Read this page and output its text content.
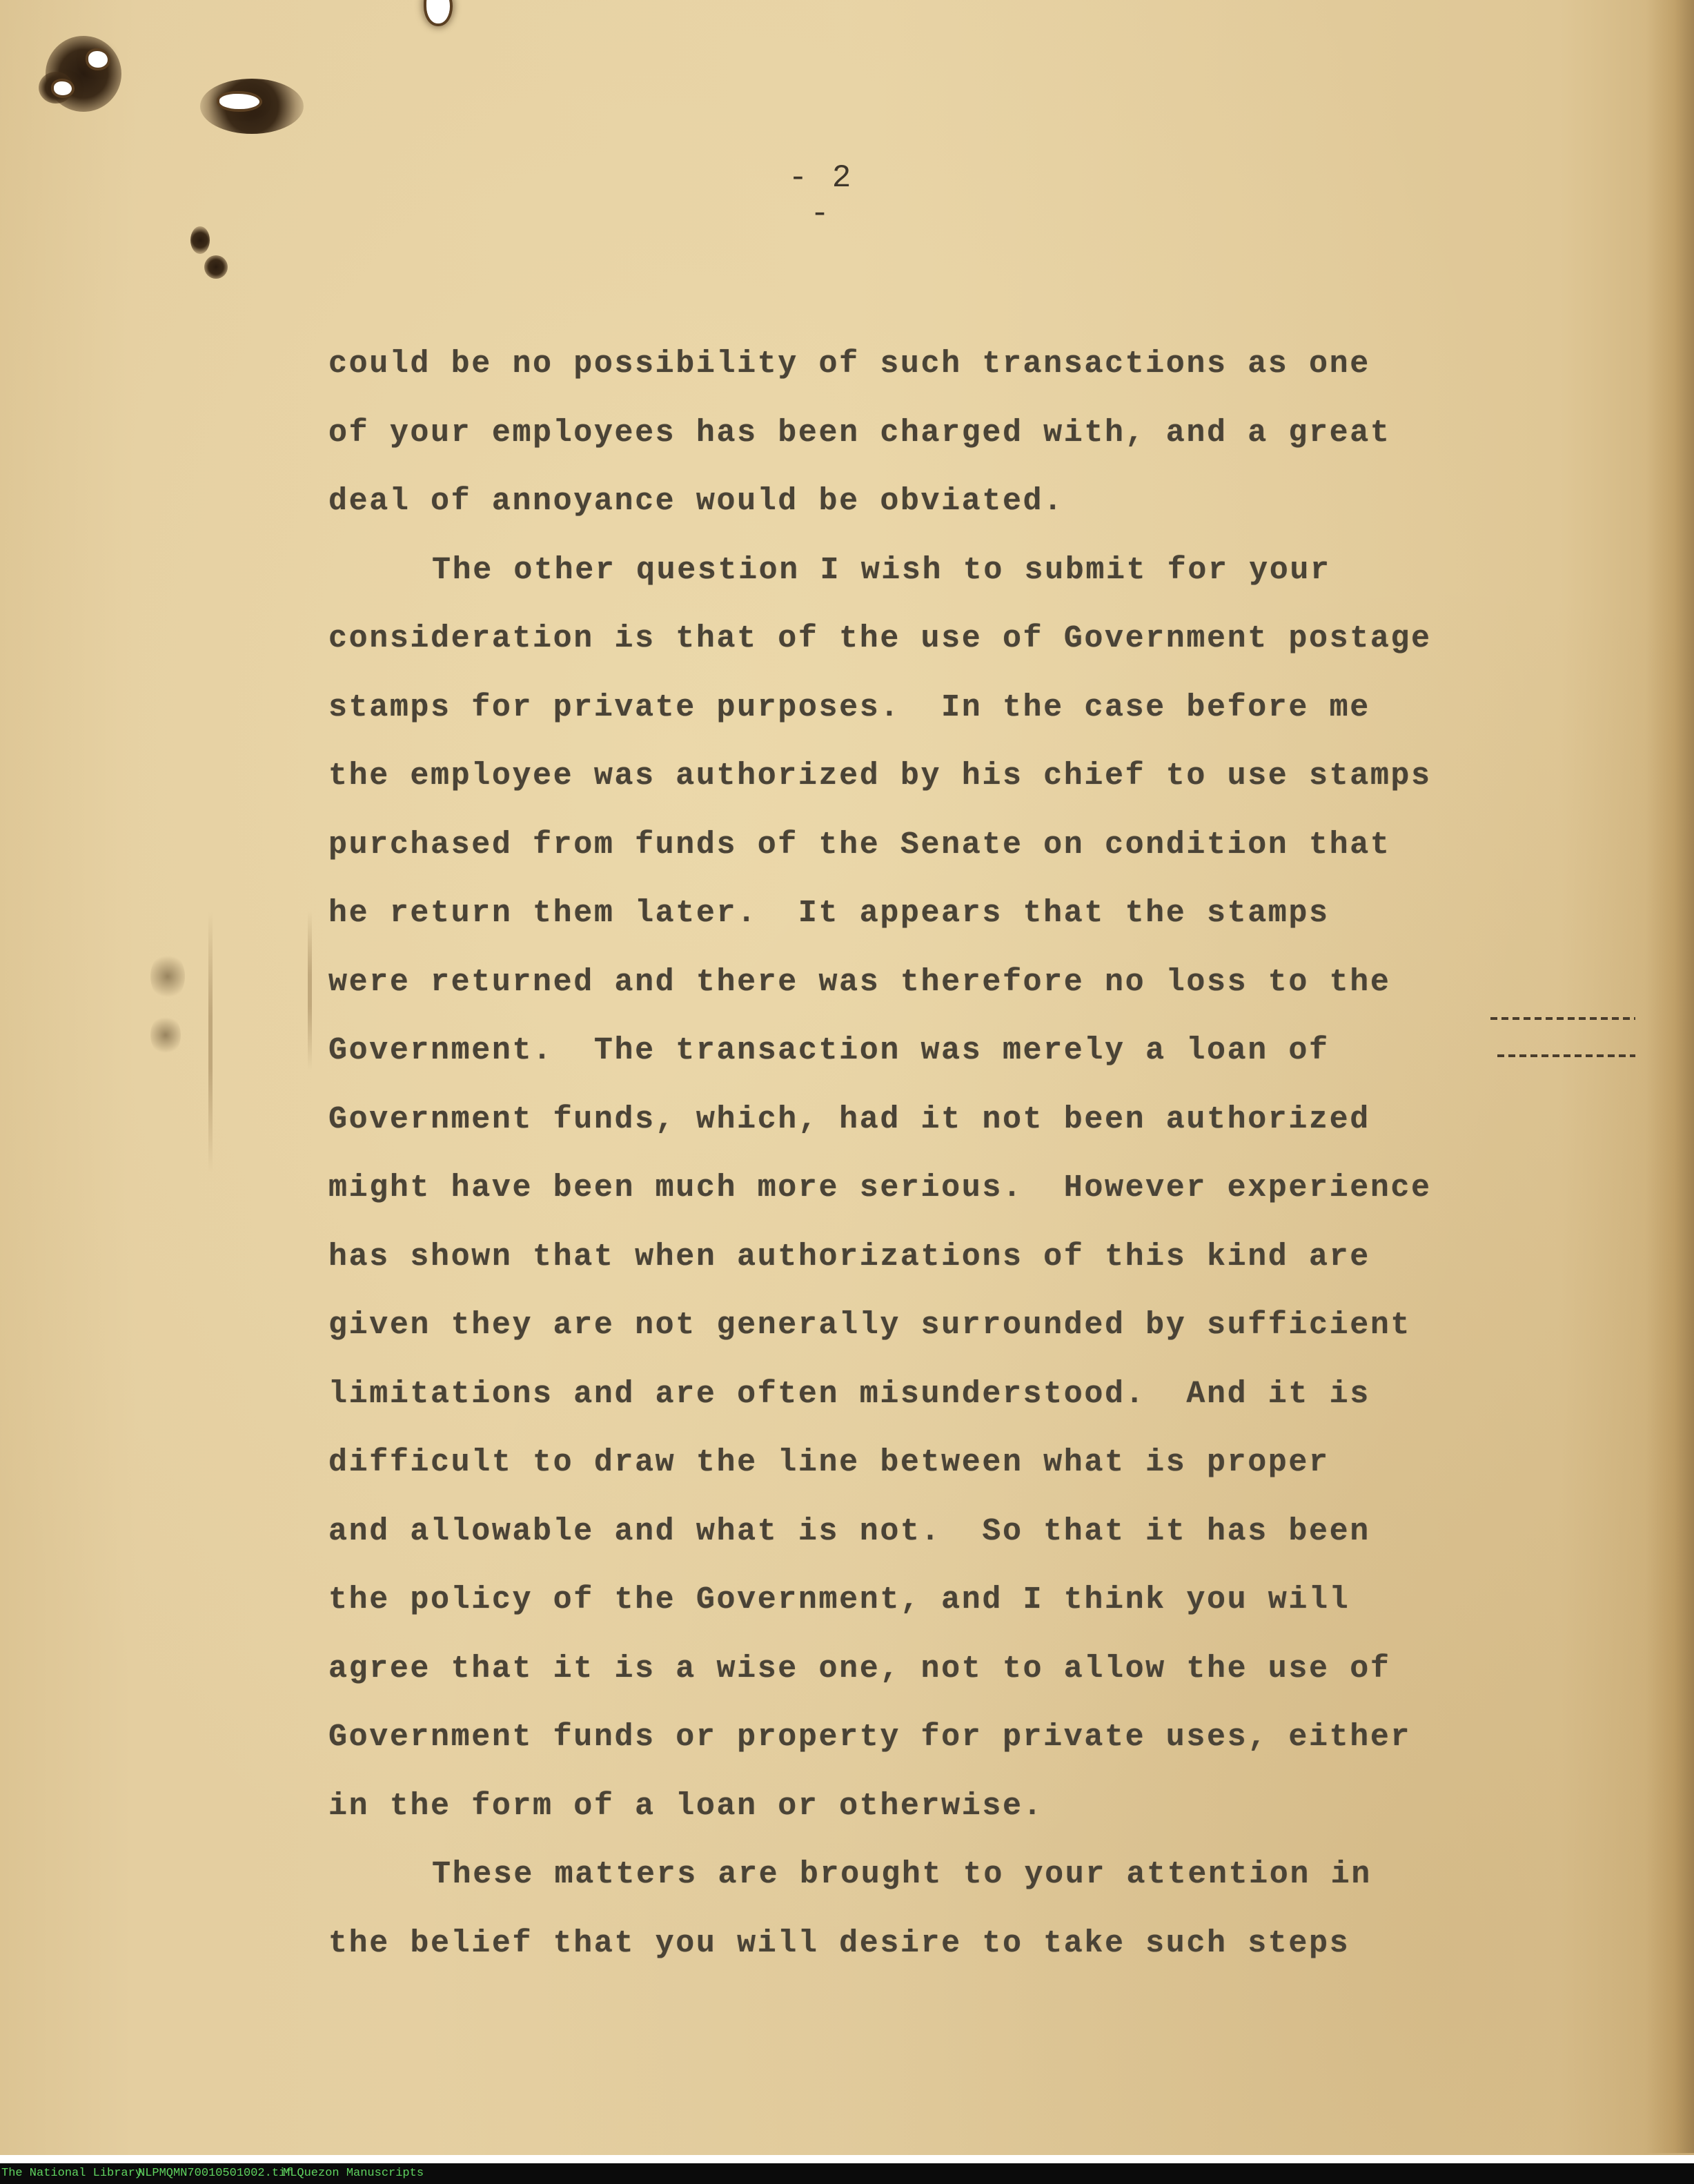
- 2 -
could be no possibility of such transactions as one
of your employees has been charged with, and a great
deal of annoyance would be obviated.
The other question I wish to submit for your
consideration is that of the use of Government postage
stamps for private purposes.  In the case before me
the employee was authorized by his chief to use stamps
purchased from funds of the Senate on condition that
he return them later.  It appears that the stamps
were returned and there was therefore no loss to the
Government.  The transaction was merely a loan of
Government funds, which, had it not been authorized
might have been much more serious.  However experience
has shown that when authorizations of this kind are
given they are not generally surrounded by sufficient
limitations and are often misunderstood.  And it is
difficult to draw the line between what is proper
and allowable and what is not.  So that it has been
the policy of the Government, and I think you will
agree that it is a wise one, not to allow the use of
Government funds or property for private uses, either
in the form of a loan or otherwise.
These matters are brought to your attention in
the belief that you will desire to take such steps
The National Library
NLPMQMN70010501002.tif
MLQuezon Manuscripts
